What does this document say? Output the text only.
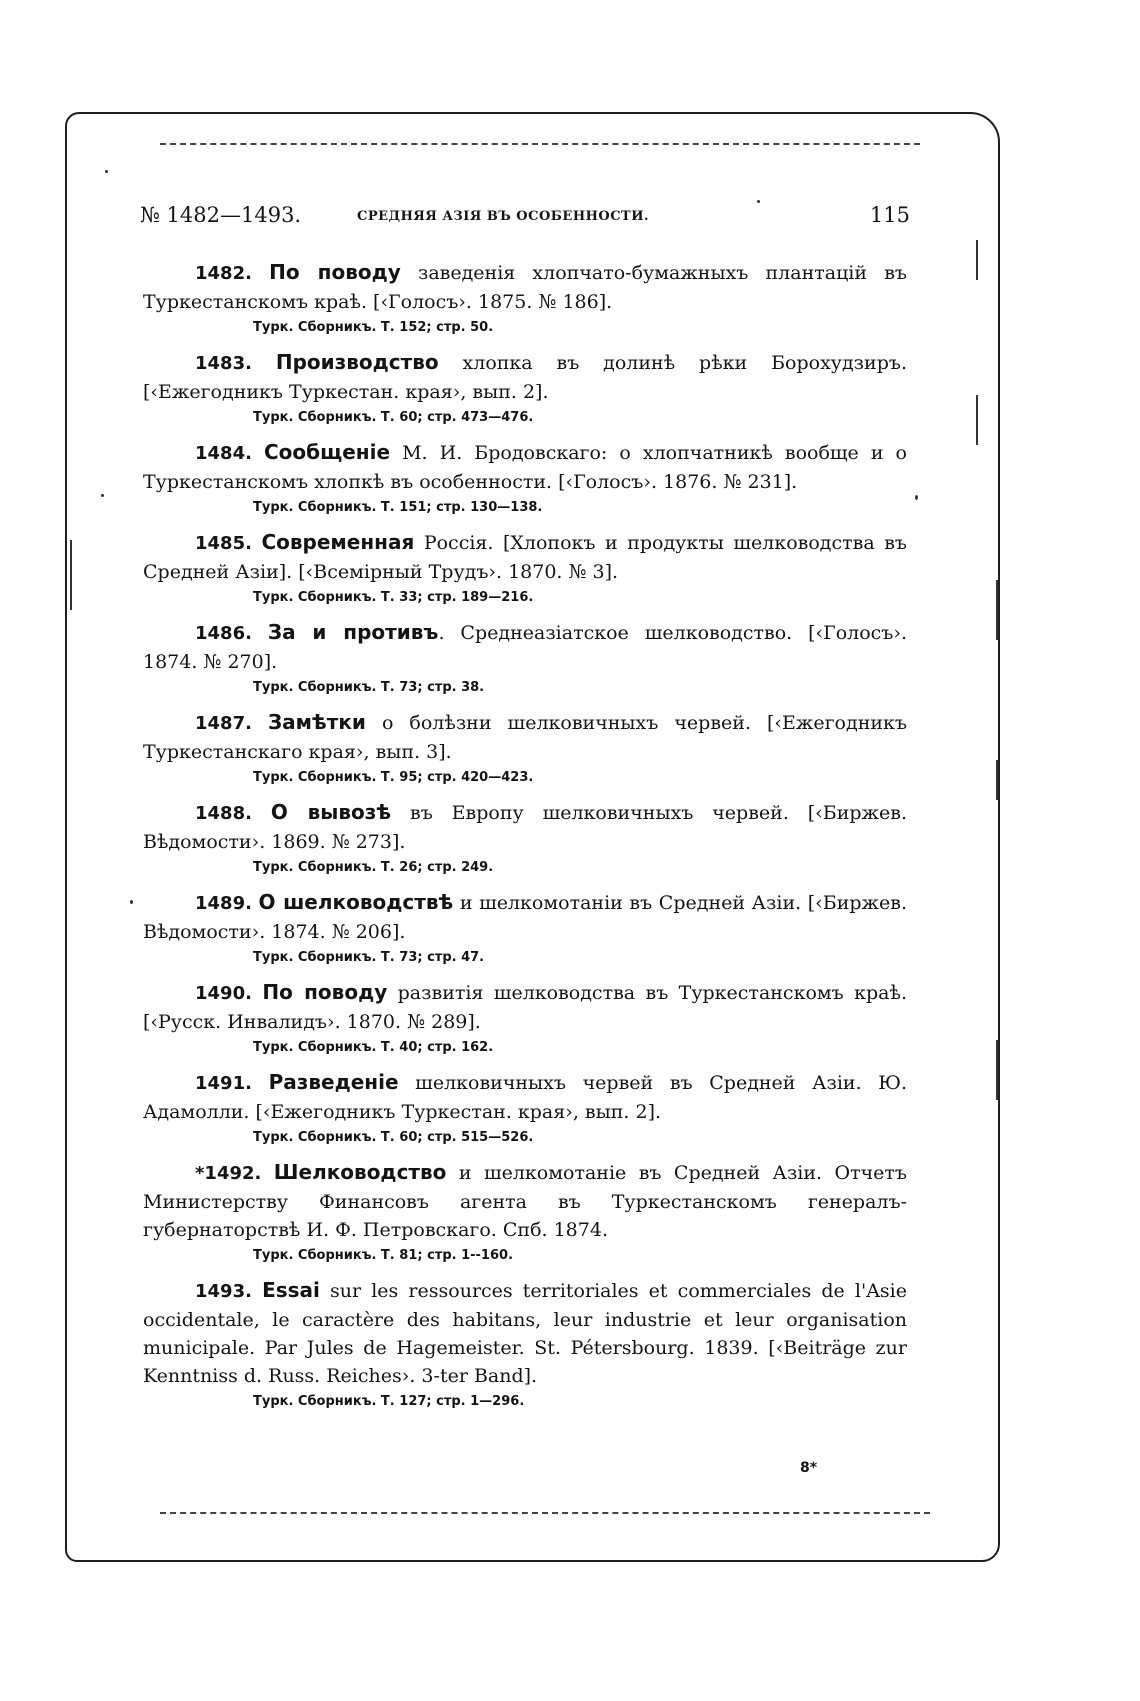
№ 1482—1493.	СРЕДНЯЯ АЗІЯ ВЪ ОСОБЕННОСТИ.	115

1482. По поводу заведенія хлопчато-бумажныхъ плантацій въ Туркестанскомъ краѣ. [‹Голосъ›. 1875. № 186].

Турк. Сборникъ. Т. 152; стр. 50.

1483. Производство хлопка въ долинѣ рѣки Борохудзиръ. [‹Ежегодникъ Туркестан. края›, вып. 2].

Турк. Сборникъ. Т. 60; стр. 473—476.

1484. Сообщеніе М. И. Бродовскаго: о хлопчатникѣ вообще и о Туркестанскомъ хлопкѣ въ особенности. [‹Голосъ›. 1876. № 231].

Турк. Сборникъ. Т. 151; стр. 130—138.

1485. Современная Россія. [Хлопокъ и продукты шелководства въ Средней Азіи]. [‹Всемірный Трудъ›. 1870. № 3].

Турк. Сборникъ. Т. 33; стр. 189—216.

1486. За и противъ. Среднеазіатское шелководство. [‹Голосъ›. 1874. № 270].

Турк. Сборникъ. Т. 73; стр. 38.

1487. Замѣтки о болѣзни шелковичныхъ червей. [‹Ежегодникъ Туркестанскаго края›, вып. 3].

Турк. Сборникъ. Т. 95; стр. 420—423.

1488. О вывозѣ въ Европу шелковичныхъ червей. [‹Биржев. Вѣдомости›. 1869. № 273].

Турк. Сборникъ. Т. 26; стр. 249.

1489. О шелководствѣ и шелкомотаніи въ Средней Азіи. [‹Биржев. Вѣдомости›. 1874. № 206].

Турк. Сборникъ. Т. 73; стр. 47.

1490. По поводу развитія шелководства въ Туркестанскомъ краѣ. [‹Русск. Инвалидъ›. 1870. № 289].

Турк. Сборникъ. Т. 40; стр. 162.

1491. Разведеніе шелковичныхъ червей въ Средней Азіи. Ю. Адамолли. [‹Ежегодникъ Туркестан. края›, вып. 2].

Турк. Сборникъ. Т. 60; стр. 515—526.

*1492. Шелководство и шелкомотаніе въ Средней Азіи. Отчетъ Министерству Финансовъ агента въ Туркестанскомъ генералъ-губернаторствѣ И. Ф. Петровскаго. Спб. 1874.

Турк. Сборникъ. Т. 81; стр. 1--160.

1493. Essai sur les ressources territoriales et commerciales de l'Asie occidentale, le caractère des habitans, leur industrie et leur organisation municipale. Par Jules de Hagemeister. St. Pétersbourg. 1839. [‹Beiträge zur Kenntniss d. Russ. Reiches›. 3-ter Band].

Турк. Сборникъ. Т. 127; стр. 1—296.
8*
